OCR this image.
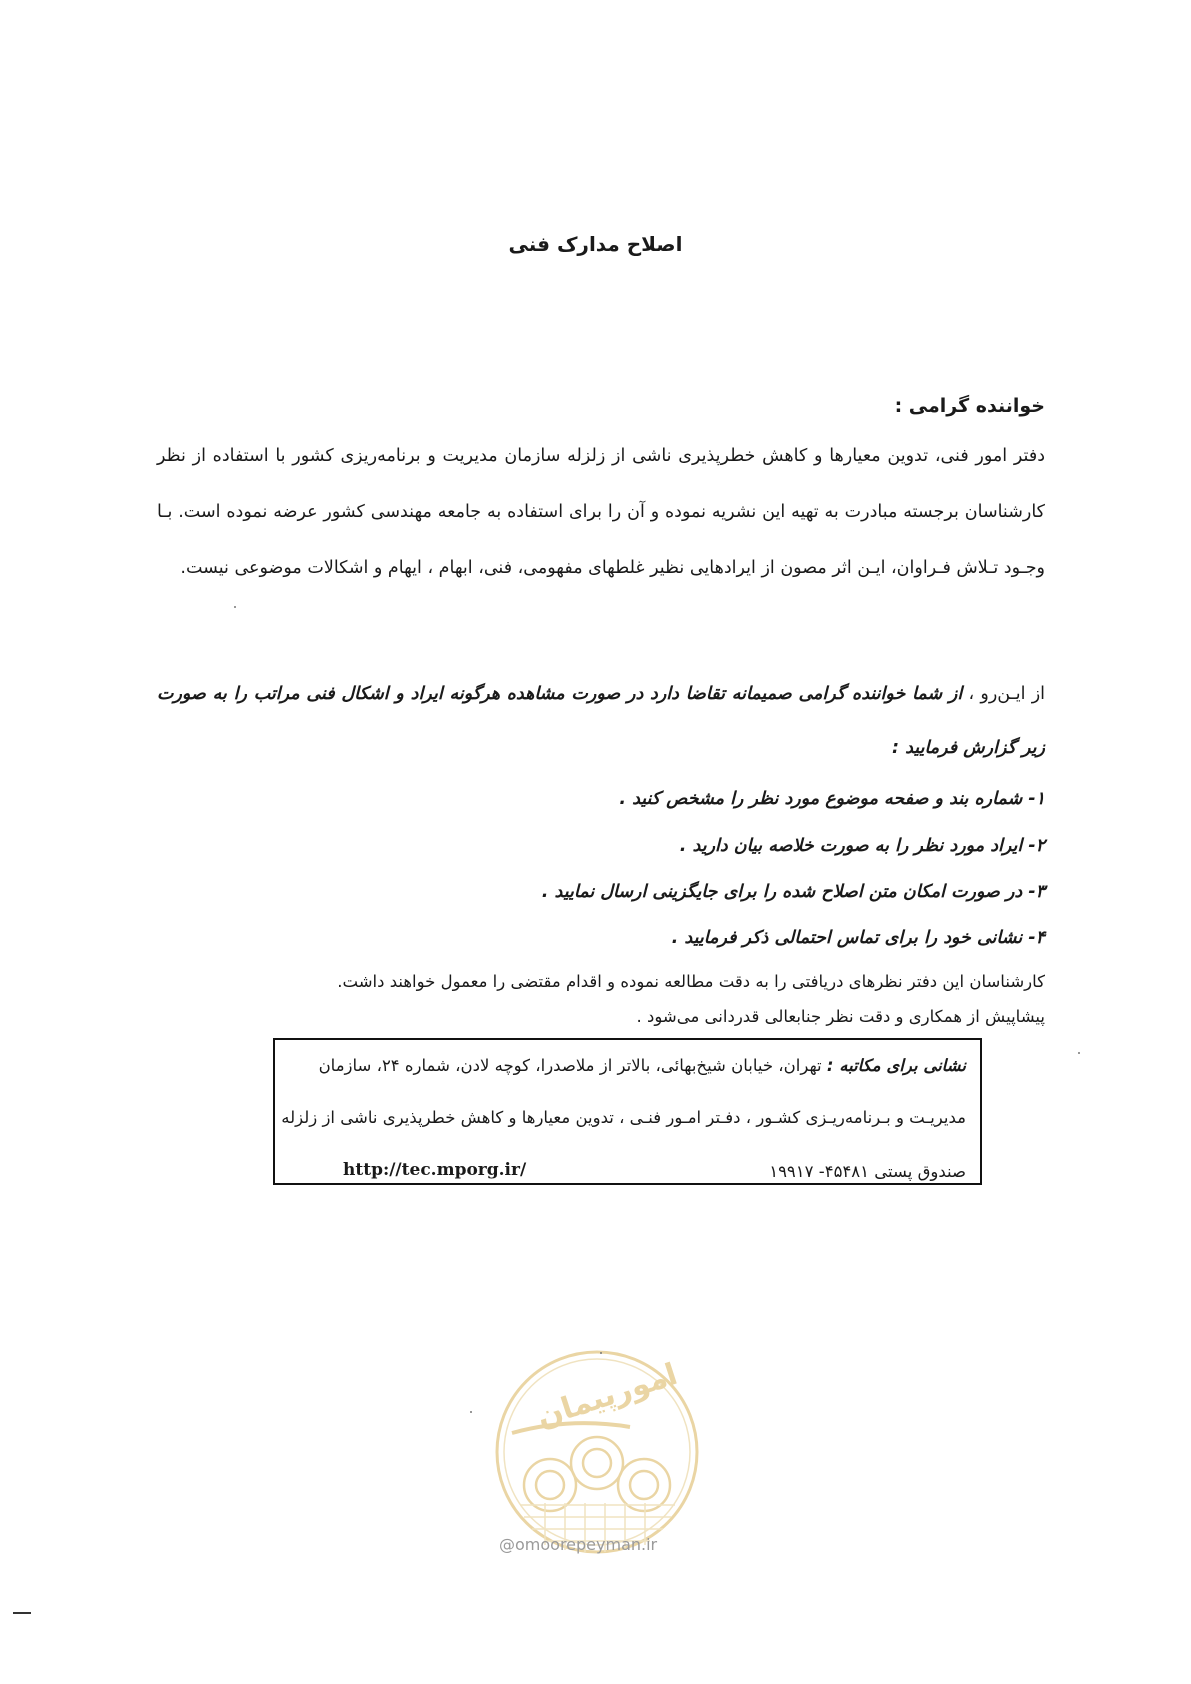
اصلاح مدارک فنی
خواننده گرامی :
دفتر امور فنی، تدوین معیارها و کاهش خطرپذیری ناشی از زلزله سازمان مدیریت و برنامه‌ریزی کشور با استفاده از نظر کارشناسان برجسته مبادرت به تهیه این نشریه نموده و آن را برای استفاده به جامعه مهندسی کشور عرضه نموده است. بـا وجـود تـلاش فـراوان، ایـن اثر مصون از ایرادهایی نظیر غلطهای مفهومی، فنی، ابهام ، ایهام و اشکالات موضوعی نیست.
از ایـن‌رو ، از شما خواننده گرامی صمیمانه تقاضا دارد در صورت مشاهده هرگونه ایراد و اشکال فنی مراتب را به صورت زیر گزارش فرمایید :
۱- شماره بند و صفحه موضوع مورد نظر را مشخص کنید .
۲- ایراد مورد نظر را به صورت خلاصه بیان دارید .
۳- در صورت امکان متن اصلاح شده را برای جایگزینی ارسال نمایید .
۴- نشانی خود را برای تماس احتمالی ذکر فرمایید .
کارشناسان این دفتر نظرهای دریافتی را به دقت مطالعه نموده و اقدام مقتضی را معمول خواهند داشت.
پیشاپیش از همکاری و دقت نظر جنابعالی قدردانی می‌شود .
نشانی برای مکاتبه : تهران، خیابان شیخ‌بهائی، بالاتر از ملاصدرا، کوچه لادن، شماره ۲۴، سازمان
مدیریـت و بـرنامه‌ریـزی کشـور ، دفـتر امـور فنـی ، تدوین معیارها و کاهش خطرپذیری ناشی از زلزله
صندوق پستی ۴۵۴۸۱- ۱۹۹۱۷
http://tec.mporg.ir/
امورپیمان
@omoorepeyman.ir
